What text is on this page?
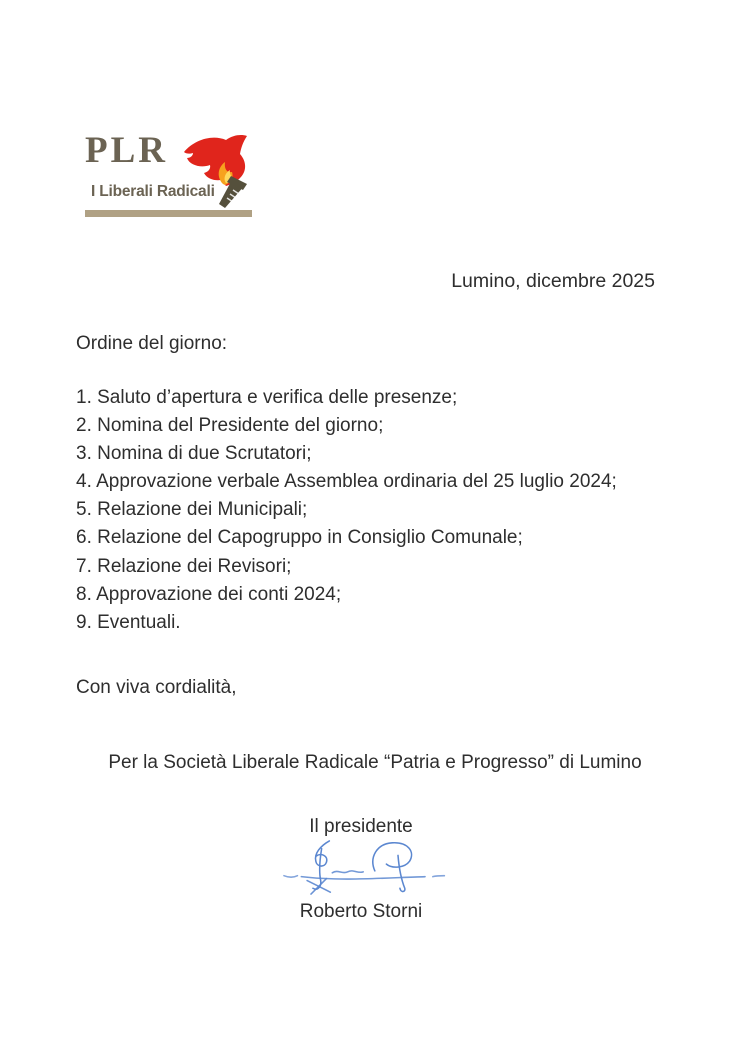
PLR
I Liberali Radicali
Lumino, dicembre 2025
Ordine del giorno:
1. Saluto d’apertura e verifica delle presenze;
2. Nomina del Presidente del giorno;
3. Nomina di due Scrutatori;
4. Approvazione verbale Assemblea ordinaria del 25 luglio 2024;
5. Relazione dei Municipali;
6. Relazione del Capogruppo in Consiglio Comunale;
7. Relazione dei Revisori;
8. Approvazione dei conti 2024;
9. Eventuali.
Con viva cordialità,
Per la Società Liberale Radicale “Patria e Progresso” di Lumino
Il presidente
Roberto Storni
